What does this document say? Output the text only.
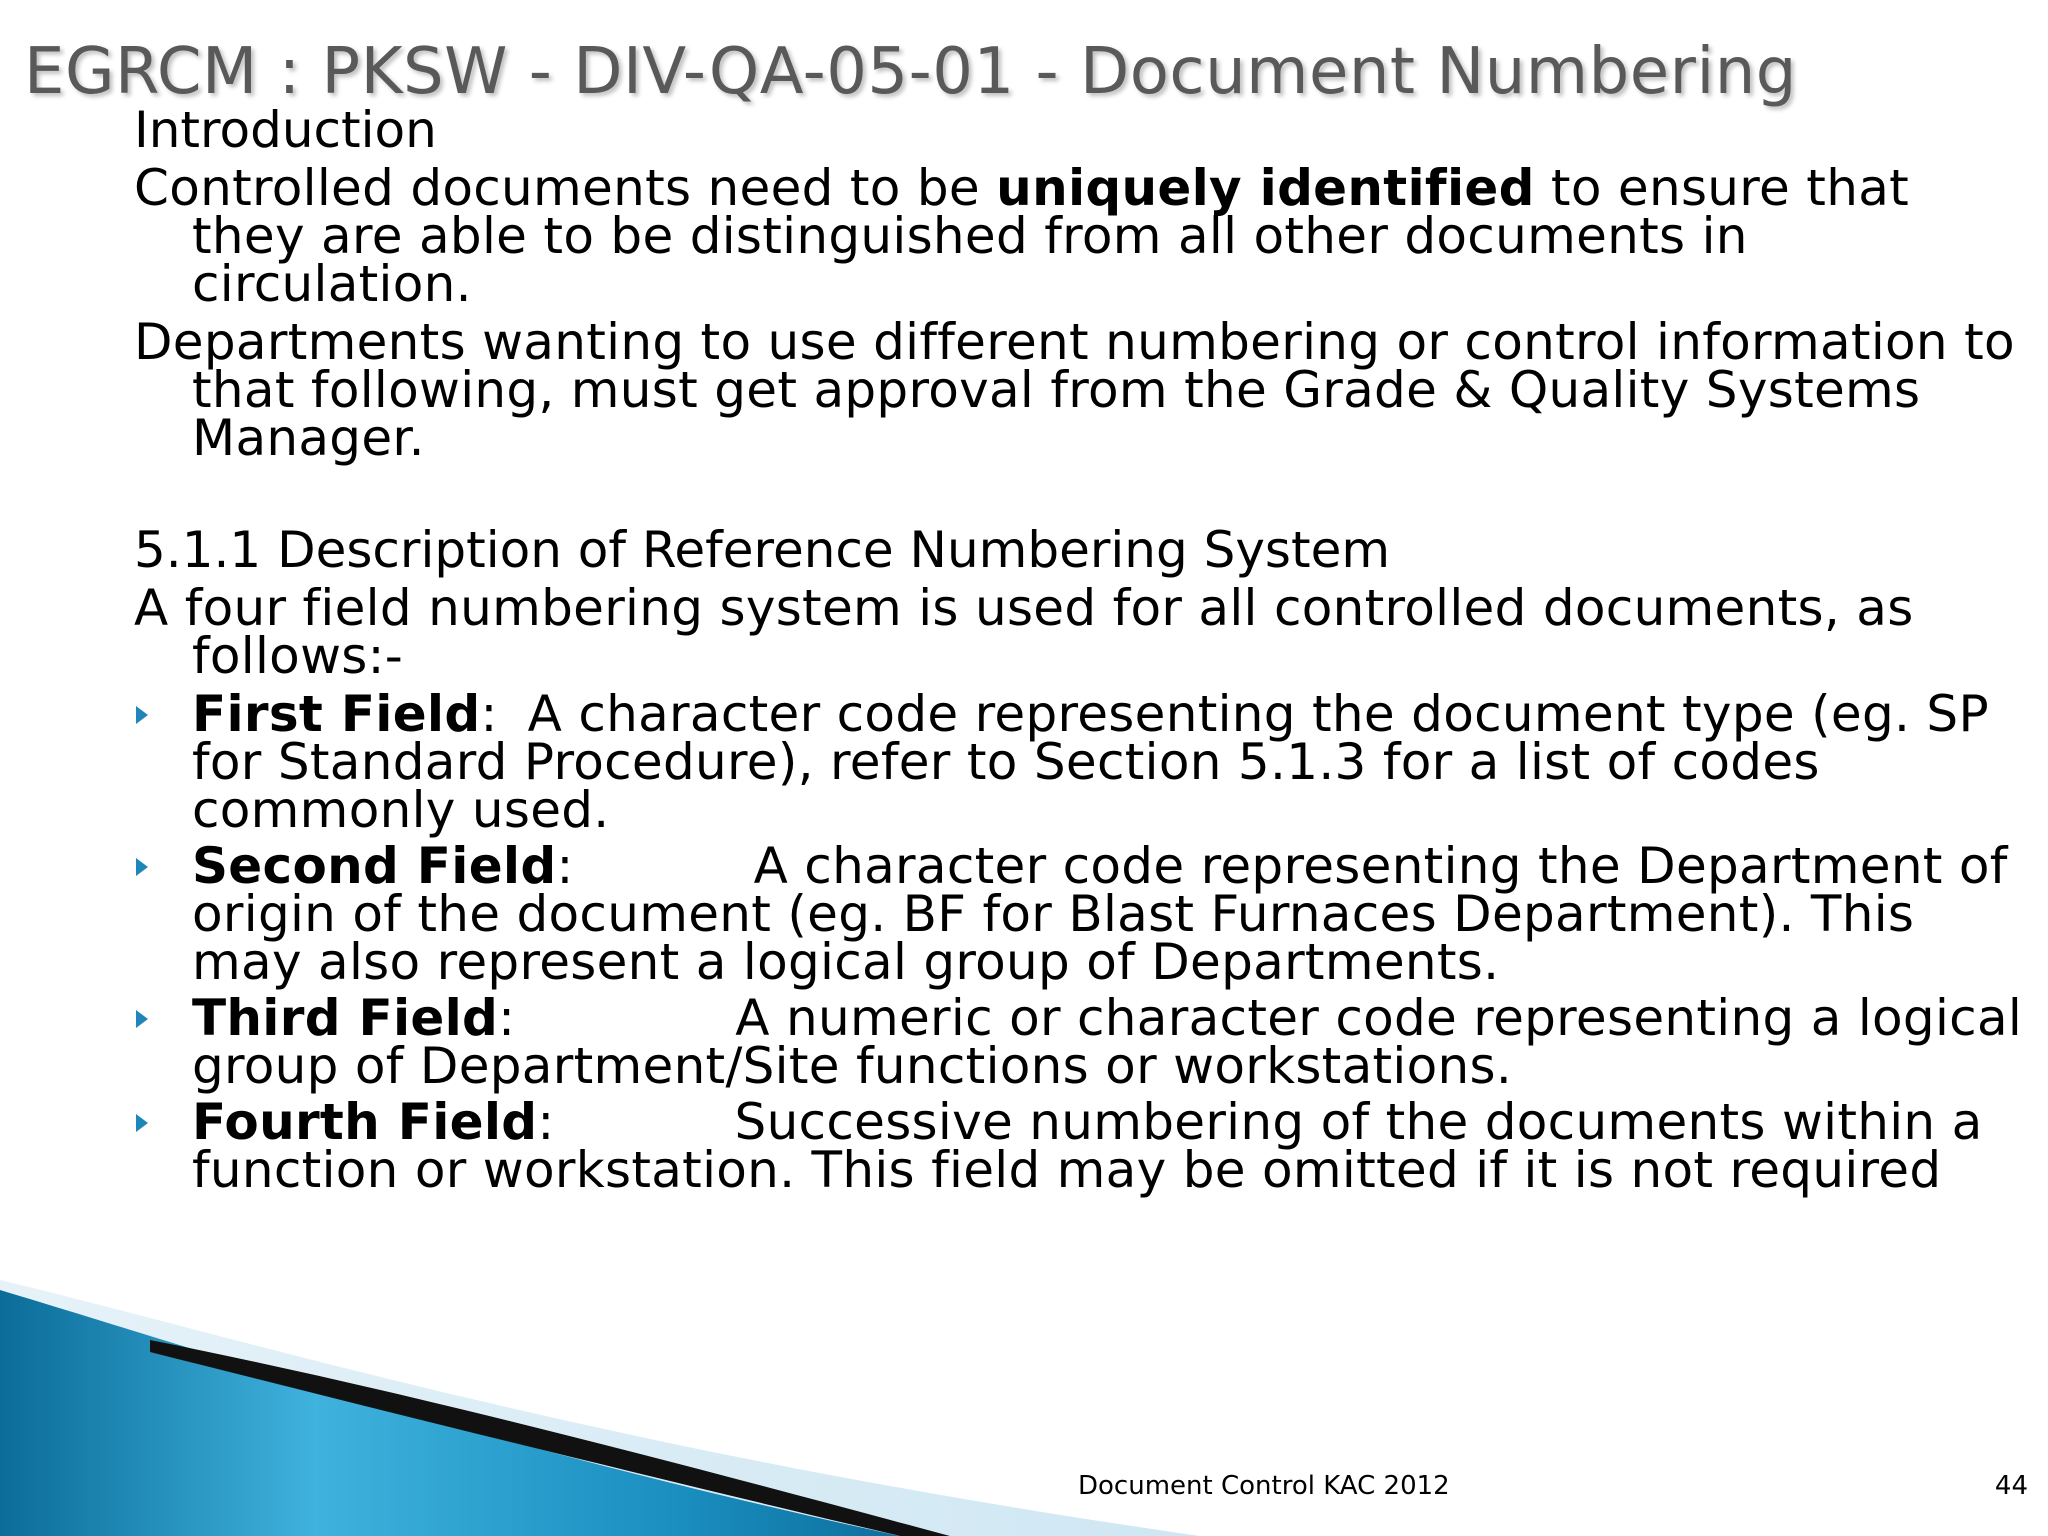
EGRCM : PKSW - DIV-QA-05-01 - Document Numbering
Introduction

Controlled documents need to be uniquely identified to ensure that they are able to be distinguished from all other documents in circulation.

Departments wanting to use different numbering or control information to that following, must get approval from the Grade & Quality Systems Manager.

5.1.1 Description of Reference Numbering System

A four field numbering system is used for all controlled documents, as follows:-

First Field: A character code representing the document type (eg. SP for Standard Procedure), refer to Section 5.1.3 for a list of codes commonly used.
Second Field:	A character code representing the Department of origin of the document (eg. BF for Blast Furnaces Department). This may also represent a logical group of Departments.
Third Field:	A numeric or character code representing a logical group of Department/Site functions or workstations.
Fourth Field:	Successive numbering of the documents within a function or workstation. This field may be omitted if it is not required
Document Control KAC 2012	44
